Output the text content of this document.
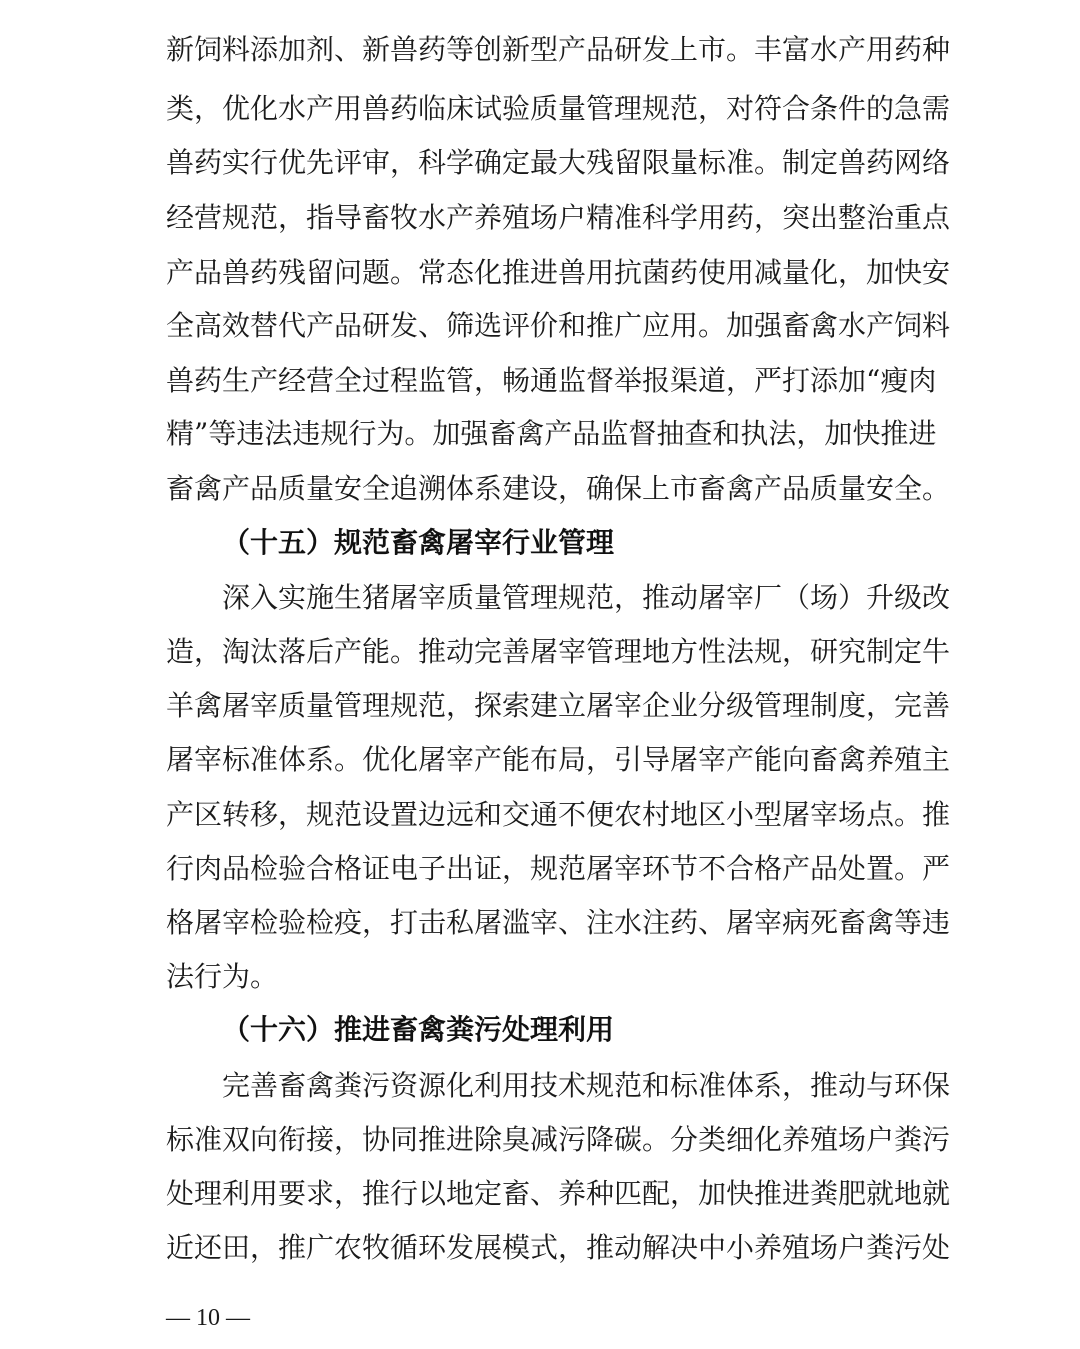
新饲料添加剂、新兽药等创新型产品研发上市。丰富水产用药种
类，优化水产用兽药临床试验质量管理规范，对符合条件的急需
兽药实行优先评审，科学确定最大残留限量标准。制定兽药网络
经营规范，指导畜牧水产养殖场户精准科学用药，突出整治重点
产品兽药残留问题。常态化推进兽用抗菌药使用减量化，加快安
全高效替代产品研发、筛选评价和推广应用。加强畜禽水产饲料
兽药生产经营全过程监管，畅通监督举报渠道，严打添加“瘦肉
精”等违法违规行为。加强畜禽产品监督抽查和执法，加快推进
畜禽产品质量安全追溯体系建设，确保上市畜禽产品质量安全。
（十五）规范畜禽屠宰行业管理
深入实施生猪屠宰质量管理规范，推动屠宰厂（场）升级改
造，淘汰落后产能。推动完善屠宰管理地方性法规，研究制定牛
羊禽屠宰质量管理规范，探索建立屠宰企业分级管理制度，完善
屠宰标准体系。优化屠宰产能布局，引导屠宰产能向畜禽养殖主
产区转移，规范设置边远和交通不便农村地区小型屠宰场点。推
行肉品检验合格证电子出证，规范屠宰环节不合格产品处置。严
格屠宰检验检疫，打击私屠滥宰、注水注药、屠宰病死畜禽等违
法行为。
（十六）推进畜禽粪污处理利用
完善畜禽粪污资源化利用技术规范和标准体系，推动与环保
标准双向衔接，协同推进除臭减污降碳。分类细化养殖场户粪污
处理利用要求，推行以地定畜、养种匹配，加快推进粪肥就地就
近还田，推广农牧循环发展模式，推动解决中小养殖场户粪污处
— 10 —
